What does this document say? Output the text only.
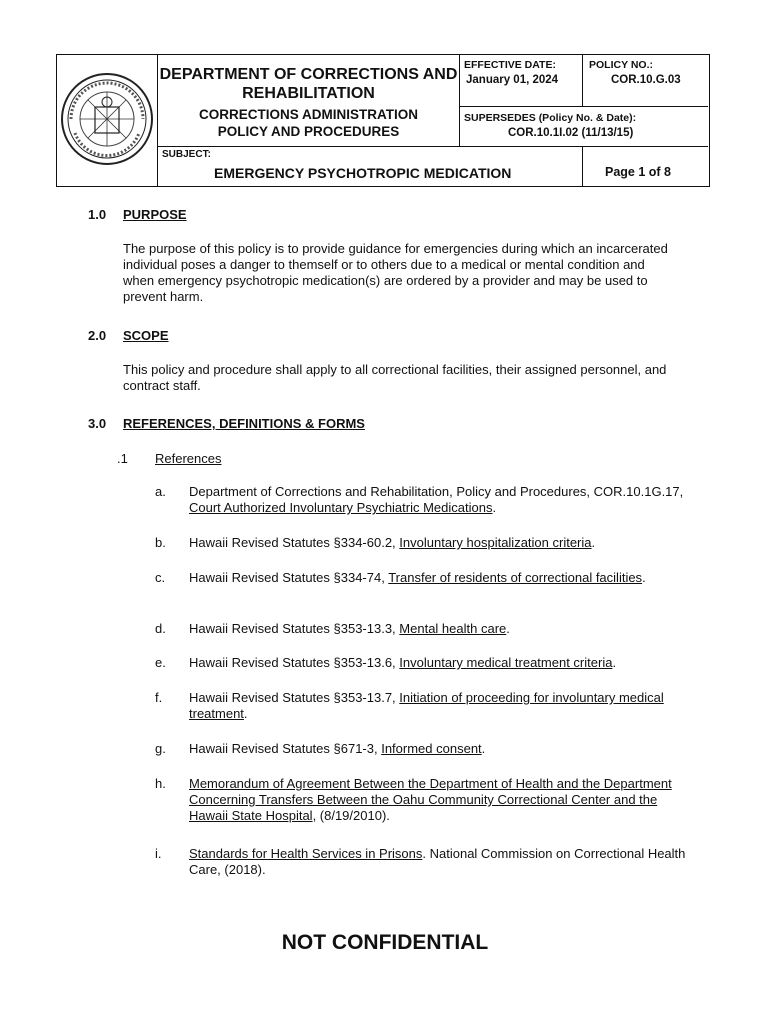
DEPARTMENT OF CORRECTIONS AND REHABILITATION
CORRECTIONS ADMINISTRATION
POLICY AND PROCEDURES
EFFECTIVE DATE:
January 01, 2024
POLICY NO.:
COR.10.G.03
SUPERSEDES (Policy No. & Date):
COR.10.1I.02 (11/13/15)
SUBJECT:
EMERGENCY PSYCHOTROPIC MEDICATION	Page 1 of 8
1.0 PURPOSE

The purpose of this policy is to provide guidance for emergencies during which an incarcerated individual poses a danger to themself or to others due to a medical or mental condition and when emergency psychotropic medication(s) are ordered by a provider and may be used to prevent harm.

2.0 SCOPE

This policy and procedure shall apply to all correctional facilities, their assigned personnel, and contract staff.

3.0 REFERENCES, DEFINITIONS & FORMS
.1 References
a.	Department of Corrections and Rehabilitation, Policy and Procedures, COR.10.1G.17, Court Authorized Involuntary Psychiatric Medications.
b.	Hawaii Revised Statutes §334-60.2, Involuntary hospitalization criteria.
c.	Hawaii Revised Statutes §334-74, Transfer of residents of correctional facilities.
d.	Hawaii Revised Statutes §353-13.3, Mental health care.
e.	Hawaii Revised Statutes §353-13.6, Involuntary medical treatment criteria.
f.	Hawaii Revised Statutes §353-13.7, Initiation of proceeding for involuntary medical treatment.
g.	Hawaii Revised Statutes §671-3, Informed consent.
h.	Memorandum of Agreement Between the Department of Health and the Department Concerning Transfers Between the Oahu Community Correctional Center and the Hawaii State Hospital, (8/19/2010).
i.	Standards for Health Services in Prisons. National Commission on Correctional Health Care, (2018).
NOT CONFIDENTIAL
